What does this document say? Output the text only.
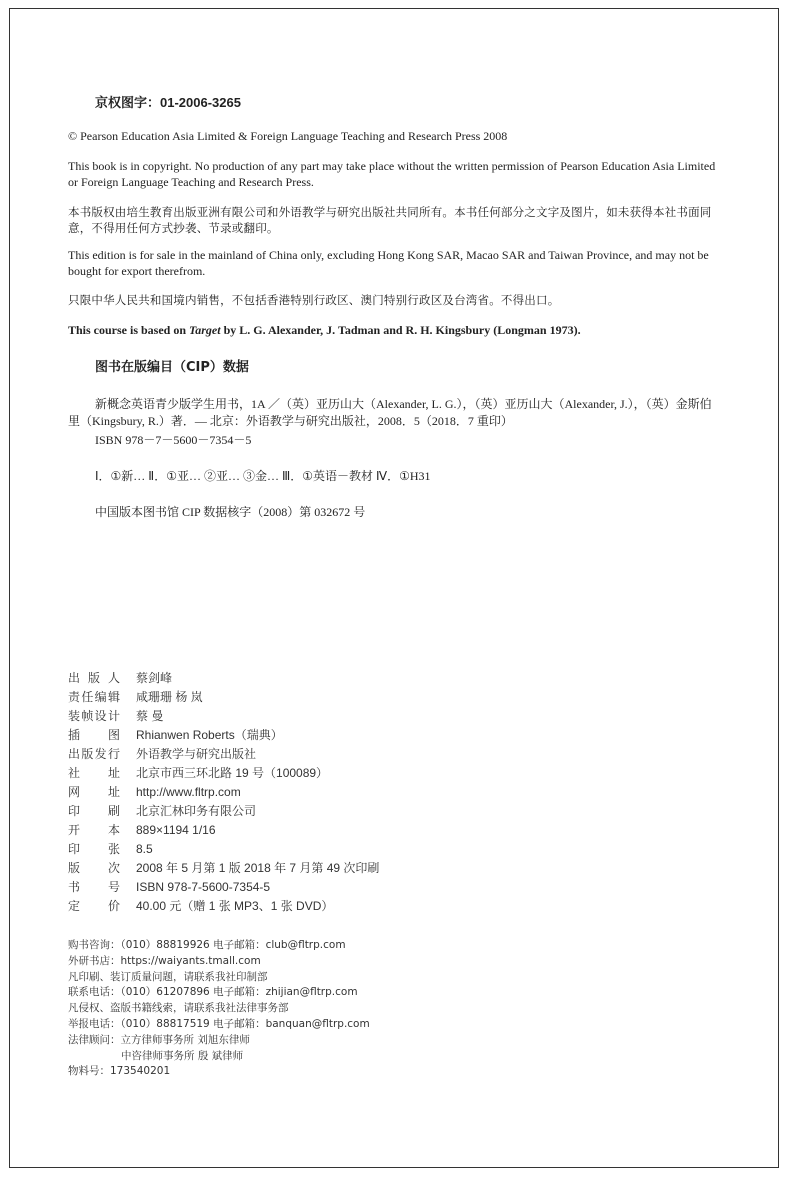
京权图字：01-2006-3265
© Pearson Education Asia Limited & Foreign Language Teaching and Research Press 2008
This book is in copyright. No production of any part may take place without the written permission of Pearson Education Asia Limited or Foreign Language Teaching and Research Press.
本书版权由培生教育出版亚洲有限公司和外语教学与研究出版社共同所有。本书任何部分之文字及图片，如未获得本社书面同意，不得用任何方式抄袭、节录或翻印。
This edition is for sale in the mainland of China only, excluding Hong Kong SAR, Macao SAR and Taiwan Province, and may not be bought for export therefrom.
只限中华人民共和国境内销售，不包括香港特别行政区、澳门特别行政区及台湾省。不得出口。
This course is based on Target by L. G. Alexander, J. Tadman and R. H. Kingsbury (Longman 1973).
图书在版编目（CIP）数据
新概念英语青少版学生用书，1A ／（英）亚历山大（Alexander, L. G.），（英）亚历山大（Alexander, J.），（英）金斯伯里（Kingsbury, R.）著．— 北京：外语教学与研究出版社，2008．5（2018．7 重印）
ISBN 978－7－5600－7354－5
Ⅰ．①新… Ⅱ．①亚… ②亚… ③金… Ⅲ．①英语－教材 Ⅳ．①H31
中国版本图书馆 CIP 数据核字（2008）第 032672 号
出版人	蔡剑峰
责任编辑	咸珊珊 杨 岚
装帧设计	蔡 曼
插图	Rhianwen Roberts（瑞典）
出版发行	外语教学与研究出版社
社址	北京市西三环北路 19 号（100089）
网址	http://www.fltrp.com
印刷	北京汇林印务有限公司
开本	889×1194 1/16
印张	8.5
版次	2008 年 5 月第 1 版 2018 年 7 月第 49 次印刷
书号	ISBN 978-7-5600-7354-5
定价	40.00 元（赠 1 张 MP3、1 张 DVD）
购书咨询：（010）88819926 电子邮箱：club@fltrp.com
外研书店：https://waiyants.tmall.com
凡印刷、装订质量问题，请联系我社印制部
联系电话：（010）61207896 电子邮箱：zhijian@fltrp.com
凡侵权、盗版书籍线索，请联系我社法律事务部
举报电话：（010）88817519 电子邮箱：banquan@fltrp.com
法律顾问：立方律师事务所 刘旭东律师
中咨律师事务所 殷 斌律师
物料号：173540201
